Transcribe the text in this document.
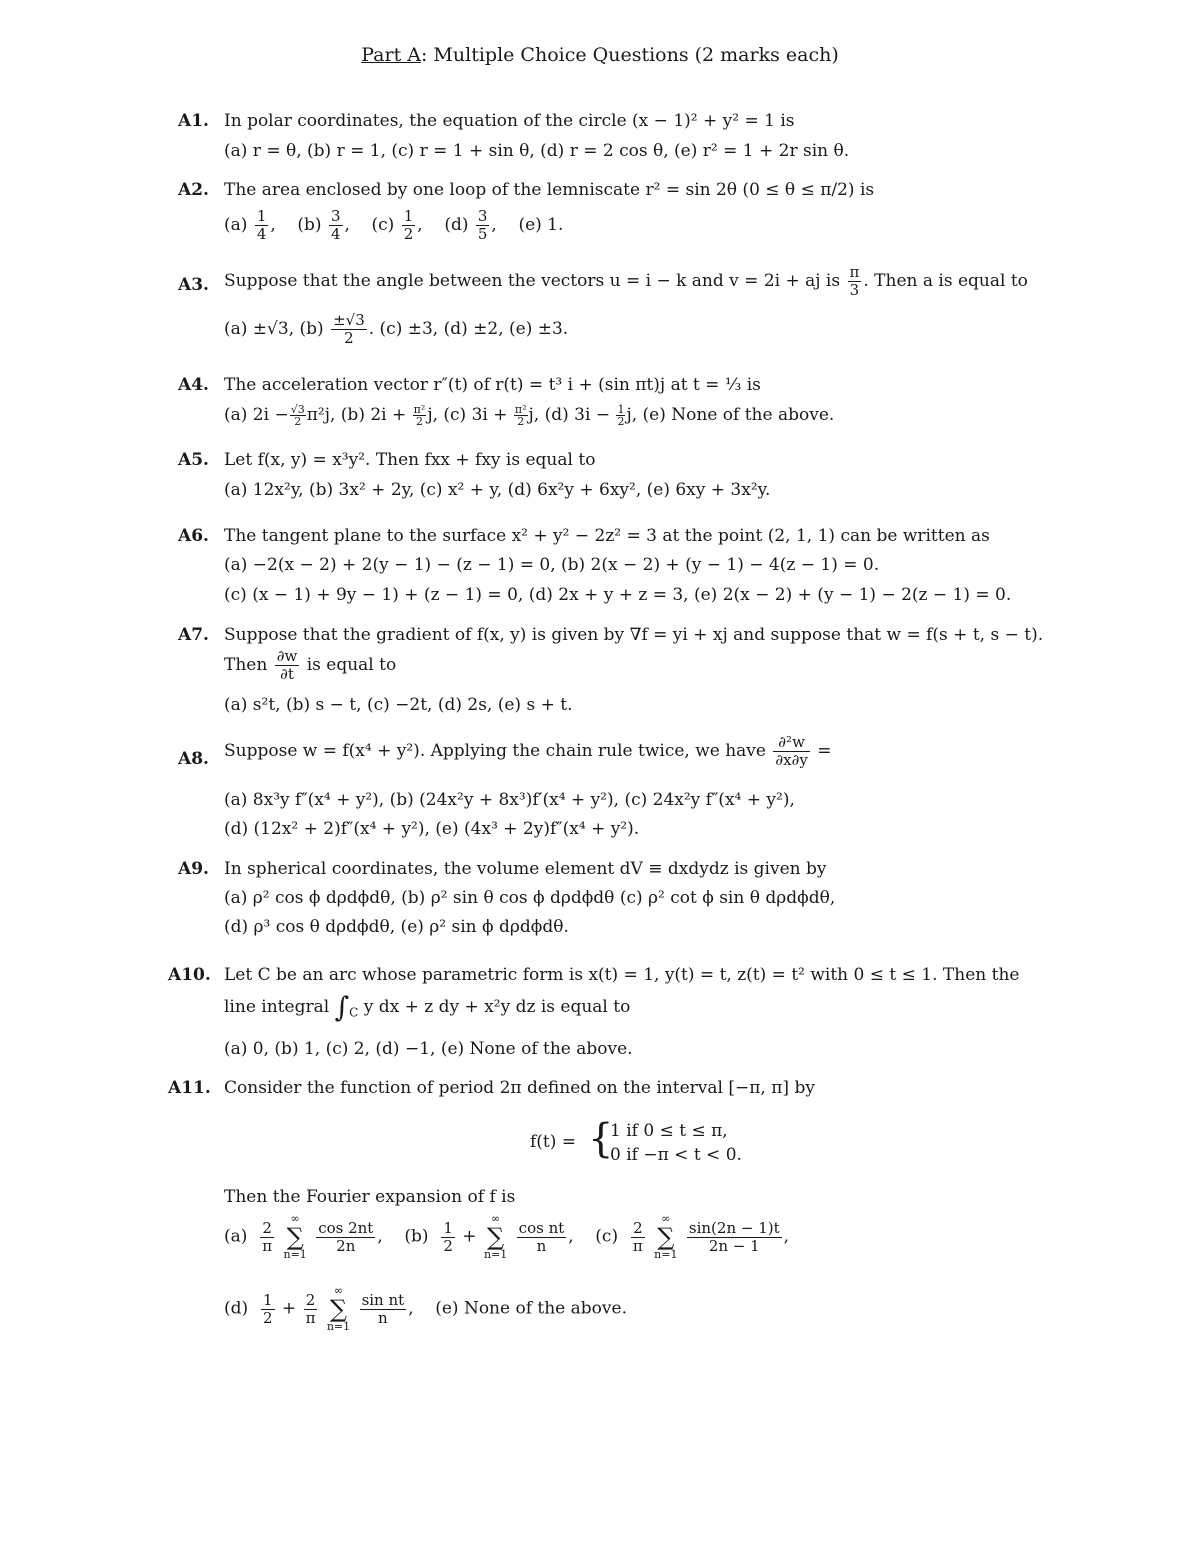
Part A: Multiple Choice Questions (2 marks each)
A1. In polar coordinates, the equation of the circle (x − 1)² + y² = 1 is
(a) r = θ, (b) r = 1, (c) r = 1 + sin θ, (d) r = 2 cos θ, (e) r² = 1 + 2r sin θ.
A2. The area enclosed by one loop of the lemniscate r² = sin 2θ (0 ≤ θ ≤ π/2) is
$(a) \frac{1}{4}$ ,    $(b) \frac{3}{4}$ ,    $(c) \frac{1}{2}$ ,    $(d) \frac{3}{5}$ ,    (e) 1.
A3. Suppose that the angle between the vectors u = i − k and v = 2i + aj is $\frac{\pi}{3}$ . Then a is equal to
(a) ±√3, $(b) \frac{\pm√3}{2}$ . (c) ±3, (d) ±2, (e) ±3.
A4. The acceleration vector r″(t) of r(t) = t³ i + (sin πt)j at t = ⅓ is
(a) $2i - \frac{√3}{2} \pi^2j$, (b) $2i + \frac{\text{π²}}{2} j$, (c) $3i + \frac{\text{π²}}{2} j$, (d) $3i - \frac{1}{2} j$, (e) None of the above.
A5. Let f(x, y) = x³y². Then fxx + fxy is equal to
(a) 12x²y, (b) 3x² + 2y, (c) x² + y, (d) 6x²y + 6xy², (e) 6xy + 3x²y.
A6. The tangent plane to the surface x² + y² − 2z² = 3 at the point (2, 1, 1) can be written as
(a) −2(x − 2) + 2(y − 1) − (z − 1) = 0, (b) 2(x − 2) + (y − 1) − 4(z − 1) = 0.
(c) (x − 1) + 9y − 1) + (z − 1) = 0, (d) 2x + y + z = 3, (e) 2(x − 2) + (y − 1) − 2(z − 1) = 0.
A7. Suppose that the gradient of f(x, y) is given by ∇f = yi + xj and suppose that w = f(s + t, s − t).
Then $\frac{\partial w}{\partial t}$ is equal to
(a) s²t, (b) s − t, (c) −2t, (d) 2s, (e) s + t.
A8. Suppose w = f(x⁴ + y²). Applying the chain rule twice, we have $\frac{\text{∂²w}}{\partial x\partial y}$ =
(a) 8x³y f″(x⁴ + y²), (b) (24x²y + 8x³)f′(x⁴ + y²), (c) 24x²y f″(x⁴ + y²),
(d) (12x² + 2)f″(x⁴ + y²), (e) (4x³ + 2y)f″(x⁴ + y²).
A9. In spherical coordinates, the volume element dV ≡ dxdydz is given by
(a) ρ² cos ϕ dρdϕdθ, (b) ρ² sin θ cos ϕ dρdϕdθ (c) ρ² cot ϕ sin θ dρdϕdθ,
(d) ρ³ cos θ dρdϕdθ, (e) ρ² sin ϕ dρdϕdθ.
A10. Let C be an arc whose parametric form is x(t) = 1, y(t) = t, z(t) = t² with 0 ≤ t ≤ 1. Then the
line integral $\int_C$ y dx + z dy + x²y dz is equal to
(a) 0, (b) 1, (c) 2, (d) −1, (e) None of the above.
A11. Consider the function of period 2π defined on the interval [−π, π] by
f(t) = {
1 if 0 ≤ t ≤ π,
0 if −π < t < 0.
Then the Fourier expansion of f is
$(a) \frac{2}{\pi}$

∞
∑
n=1
$\frac{\cos 2nt}{2n}$ , $(b) \frac{1}{2}$ +
∞
∑
n=1
$\frac{\text{cos nt}}{n}$ , $(c) \frac{2}{\pi}$

∞
∑
n=1
$\frac{\sin(2n - 1)t}{2n - 1}$ ,
$(d) \frac{1}{2} + \frac{2}{\pi}$

∞
∑
n=1
$\frac{\text{sin nt}}{n}$ , (e) None of the above.
